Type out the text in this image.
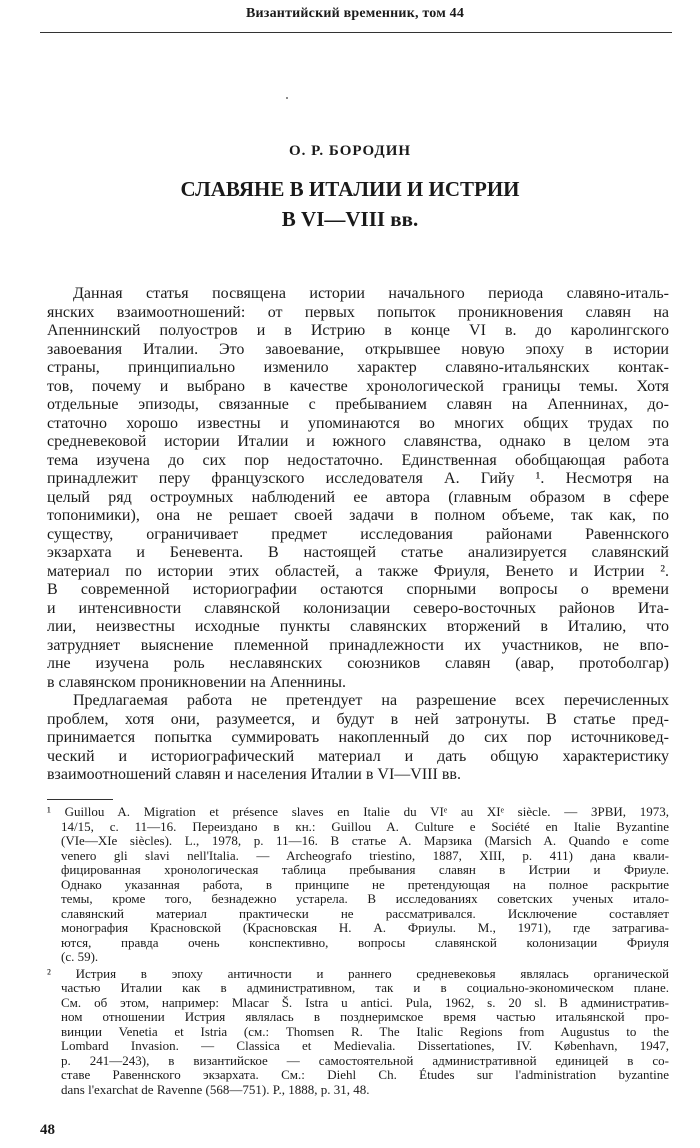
Византийский временник, том 44
О. Р. БОРОДИН
СЛАВЯНЕ В ИТАЛИИ И ИСТРИИ
В VI—VIII вв.
Данная статья посвящена истории начального периода славяно-италь-
янских взаимоотношений: от первых попыток проникновения славян на
Апеннинский полуостров и в Истрию в конце VI в. до каролингского
завоевания Италии. Это завоевание, открывшее новую эпоху в истории
страны, принципиально изменило характер славяно-итальянских контак-
тов, почему и выбрано в качестве хронологической границы темы. Хотя
отдельные эпизоды, связанные с пребыванием славян на Апеннинах, до-
статочно хорошо известны и упоминаются во многих общих трудах по
средневековой истории Италии и южного славянства, однако в целом эта
тема изучена до сих пор недостаточно. Единственная обобщающая работа
принадлежит перу французского исследователя А. Гийу ¹. Несмотря на
целый ряд остроумных наблюдений ее автора (главным образом в сфере
топонимики), она не решает своей задачи в полном объеме, так как, по
существу, ограничивает предмет исследования районами Равеннского
экзархата и Беневента. В настоящей статье анализируется славянский
материал по истории этих областей, а также Фриуля, Венето и Истрии ².
В современной историографии остаются спорными вопросы о времени
и интенсивности славянской колонизации северо-восточных районов Ита-
лии, неизвестны исходные пункты славянских вторжений в Италию, что
затрудняет выяснение племенной принадлежности их участников, не впо-
лне изучена роль неславянских союзников славян (авар, протоболгар)
в славянском проникновении на Апеннины.
Предлагаемая работа не претендует на разрешение всех перечисленных
проблем, хотя они, разумеется, и будут в ней затронуты. В статье пред-
принимается попытка суммировать накопленный до сих пор источниковед-
ческий и историографический материал и дать общую характеристику
взаимоотношений славян и населения Италии в VI—VIII вв.
¹ Guillou A. Migration et présence slaves en Italie du VIᵉ au XIᵉ siècle. — ЗРВИ, 1973,
14/15, с. 11—16. Переиздано в кн.: Guillou A. Culture e Société en Italie Byzantine
(VIe—XIe siècles). L., 1978, p. 11—16. В статье А. Марзика (Marsich A. Quando e come
venero gli slavi nell'Italia. — Archeografo triestino, 1887, XIII, p. 411) дана квали-
фицированная хронологическая таблица пребывания славян в Истрии и Фриуле.
Однако указанная работа, в принципе не претендующая на полное раскрытие
темы, кроме того, безнадежно устарела. В исследованиях советских ученых итало-
славянский материал практически не рассматривался. Исключение составляет
монография Красновской (Красновская Н. А. Фриулы. М., 1971), где затрагива-
ются, правда очень конспективно, вопросы славянской колонизации Фриуля
(с. 59).
² Истрия в эпоху античности и раннего средневековья являлась органической
частью Италии как в административном, так и в социально-экономическом плане.
См. об этом, например: Mlacar Š. Istra u antici. Pula, 1962, s. 20 sl. В административ-
ном отношении Истрия являлась в позднеримское время частью итальянской про-
винции Venetia et Istria (см.: Thomsen R. The Italic Regions from Augustus to the
Lombard Invasion. — Classica et Medievalia. Dissertationes, IV. København, 1947,
p. 241—243), в византийское — самостоятельной административной единицей в со-
ставе Равеннского экзархата. См.: Diehl Ch. Études sur l'administration byzantine
dans l'exarchat de Ravenne (568—751). P., 1888, p. 31, 48.
48
